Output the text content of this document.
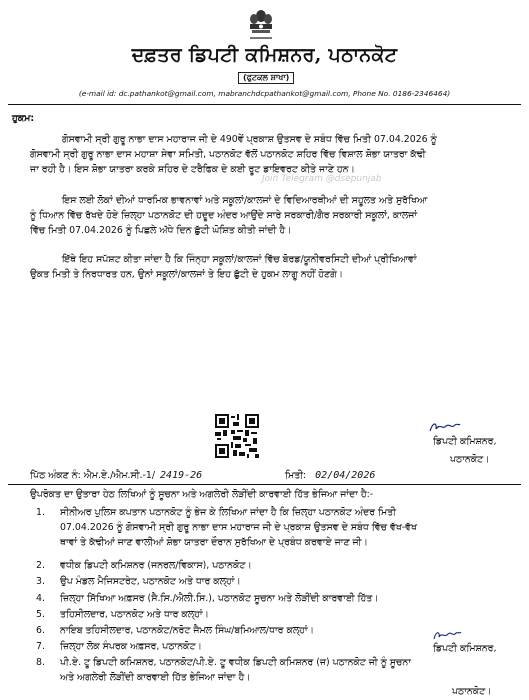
ਦਫ਼ਤਰ ਡਿਪਟੀ ਕਮਿਸ਼ਨਰ, ਪਠਾਨਕੋਟ
(ਫੁਟਕਲ ਸ਼ਾਖਾ)
(e-mail id: dc.pathankot@gmail.com, mabranchdcpathankot@gmail.com, Phone No. 0186-2346464)
ਹੁਕਮ:
ਗੋਸਵਾਮੀ ਸ੍ਰੀ ਗੁਰੂ ਨਾਭਾ ਦਾਸ ਮਹਾਰਾਜ ਜੀ ਦੇ 490ਵੇਂ ਪ੍ਰਕਾਸ਼ ਉਤਸਵ ਦੇ ਸਬੰਧ ਵਿੱਚ ਮਿਤੀ 07.04.2026 ਨੂੰ
ਗੋਸਵਾਮੀ ਸ੍ਰੀ ਗੁਰੂ ਨਾਭਾ ਦਾਸ ਮਹਾਸ਼ਾ ਸੇਵਾ ਸਮਿਤੀ, ਪਠਾਨਕੋਟ ਵੱਲੋਂ ਪਠਾਨਕੋਟ ਸ਼ਹਿਰ ਵਿੱਚ ਵਿਸ਼ਾਲ ਸ਼ੋਭਾ ਯਾਤਰਾ ਕੱਢੀ
ਜਾ ਰਹੀ ਹੈ। ਇਸ ਸ਼ੋਭਾ ਯਾਤਰਾ ਕਰਕੇ ਸ਼ਹਿਰ ਦੇ ਟਰੈਫਿਕ ਦੇ ਕਈ ਰੂਟ ਡਾਇਵਰਟ ਕੀਤੇ ਜਾਣੇ ਹਨ।
Join Telegram @dsepunjab
ਇਸ ਲਈ ਲੋਕਾਂ ਦੀਆਂ ਧਾਰਮਿਕ ਭਾਵਨਾਵਾਂ ਅਤੇ ਸਕੂਲਾਂ/ਕਾਲਜਾਂ ਦੇ ਵਿਦਿਆਰਥੀਆਂ ਦੀ ਸਹੂਲਤ ਅਤੇ ਸੁਰੱਖਿਆ
ਨੂੰ ਧਿਆਨ ਵਿੱਚ ਰੱਖਦੇ ਹੋਏ ਜ਼ਿਲ੍ਹਾ ਪਠਾਨਕੋਟ ਦੀ ਹਦੂਦ ਅੰਦਰ ਆਉਂਦੇ ਸਾਰੇ ਸਰਕਾਰੀ/ਗੈਰ ਸਰਕਾਰੀ ਸਕੂਲਾਂ, ਕਾਲਜਾਂ
ਵਿੱਚ ਮਿਤੀ 07.04.2026 ਨੂੰ ਪਿਛਲੇ ਅੱਧੇ ਦਿਨ ਛੁੱਟੀ ਘੋਸ਼ਿਤ ਕੀਤੀ ਜਾਂਦੀ ਹੈ।
ਇੱਥੇ ਇਹ ਸਪੱਸ਼ਟ ਕੀਤਾ ਜਾਂਦਾ ਹੈ ਕਿ ਜਿੰਨ੍ਹਾ ਸਕੂਲਾਂ/ਕਾਲਜਾਂ ਵਿੱਚ ਬੋਰਡ/ਯੂਨੀਵਰਸਿਟੀ ਦੀਆਂ ਪ੍ਰੀਖਿਆਵਾਂ
ਉਕਤ ਮਿਤੀ ਤੇ ਨਿਰਧਾਰਤ ਹਨ, ਉਨਾਂ ਸਕੂਲਾਂ/ਕਾਲਜਾਂ ਤੇ ਇਹ ਛੁੱਟੀ ਦੇ ਹੁਕਮ ਲਾਗੂ ਨਹੀਂ ਹੋਣਗੇ।
ਡਿਪਟੀ ਕਮਿਸ਼ਨਰ,
ਪਠਾਨਕੋਟ।
ਪਿੱਠ ਅੰਕਣ ਨੰ: ਐਮ.ਏ./ਐਮ.ਸੀ.-1/ 2419-26	ਮਿਤੀ: 02/04/2026
ਉਪਰੋਕਤ ਦਾ ਉਤਾਰਾ ਹੇਠ ਲਿਖਿਆਂ ਨੂੰ ਸੂਚਨਾ ਅਤੇ ਅਗਲੇਰੀ ਲੋੜੀਂਦੀ ਕਾਰਵਾਈ ਹਿੱਤ ਭੇਜਿਆ ਜਾਂਦਾ ਹੈ:-
1. ਸੀਨੀਅਰ ਪੁਲਿਸ ਕਪਤਾਨ ਪਠਾਨਕੋਟ ਨੂੰ ਭੇਜ ਕੇ ਲਿਖਿਆ ਜਾਂਦਾ ਹੈ ਕਿ ਜ਼ਿਲ੍ਹਾ ਪਠਾਨਕੋਟ ਅੰਦਰ ਮਿਤੀ
07.04.2026 ਨੂੰ ਗੋਸਵਾਮੀ ਸ੍ਰੀ ਗੁਰੂ ਨਾਭਾ ਦਾਸ ਮਹਾਰਾਜ ਜੀ ਦੇ ਪ੍ਰਕਾਸ਼ ਉਤਸਵ ਦੇ ਸਬੰਧ ਵਿੱਚ ਵੱਖ-ਵੱਖ
ਥਾਵਾਂ ਤੇ ਕੱਢੀਆਂ ਜਾਣ ਵਾਲੀਆਂ ਸ਼ੋਭਾ ਯਾਤਰਾ ਦੌਰਾਨ ਸੁਰੱਖਿਆ ਦੇ ਪ੍ਰਬੰਧ ਕਰਵਾਏ ਜਾਣ ਜੀ।
2. ਵਧੀਕ ਡਿਪਟੀ ਕਮਿਸ਼ਨਰ (ਜਨਰਲ/ਵਿਕਾਸ), ਪਠਾਨਕੋਟ।
3. ਉਪ ਮੰਡਲ ਮੈਜਿਸਟਰੇਟ, ਪਠਾਨਕੋਟ ਅਤੇ ਧਾਰ ਕਲ੍ਹਾਂ।
4. ਜ਼ਿਲ੍ਹਾ ਸਿੱਖਿਆ ਅਫ਼ਸਰ (ਸੈ.ਸਿ./ਐਲੀ.ਸਿ.), ਪਠਾਨਕੋਟ ਸੂਚਨਾ ਅਤੇ ਲੋੜੀਂਦੀ ਕਾਰਵਾਈ ਹਿੱਤ।
5. ਤਹਿਸੀਲਦਾਰ, ਪਠਾਨਕੋਟ ਅਤੇ ਧਾਰ ਕਲ੍ਹਾਂ।
6. ਨਾਇਬ ਤਹਿਸੀਲਦਾਰ, ਪਠਾਨਕੋਟ/ਨਰੋਟ ਜੈਮਲ ਸਿੰਘ/ਬਮਿਆਲ/ਧਾਰ ਕਲ੍ਹਾਂ।
7. ਜ਼ਿਲ੍ਹਾ ਲੋਕ ਸੰਪਰਕ ਅਫ਼ਸਰ, ਪਠਾਨਕੋਟ।
8. ਪੀ.ਏ. ਟੂ ਡਿਪਟੀ ਕਮਿਸ਼ਨਰ, ਪਠਾਨਕੋਟ/ਪੀ.ਏ. ਟੂ ਵਧੀਕ ਡਿਪਟੀ ਕਮਿਸ਼ਨਰ (ਜ) ਪਠਾਨਕੋਟ ਜੀ ਨੂੰ ਸੂਚਨਾ
ਅਤੇ ਅਗਲੇਰੀ ਲੋੜੀਂਦੀ ਕਾਰਵਾਈ ਹਿੱਤ ਭੇਜਿਆ ਜਾਂਦਾ ਹੈ।
ਡਿਪਟੀ ਕਮਿਸ਼ਨਰ,
ਪਠਾਨਕੋਟ।
